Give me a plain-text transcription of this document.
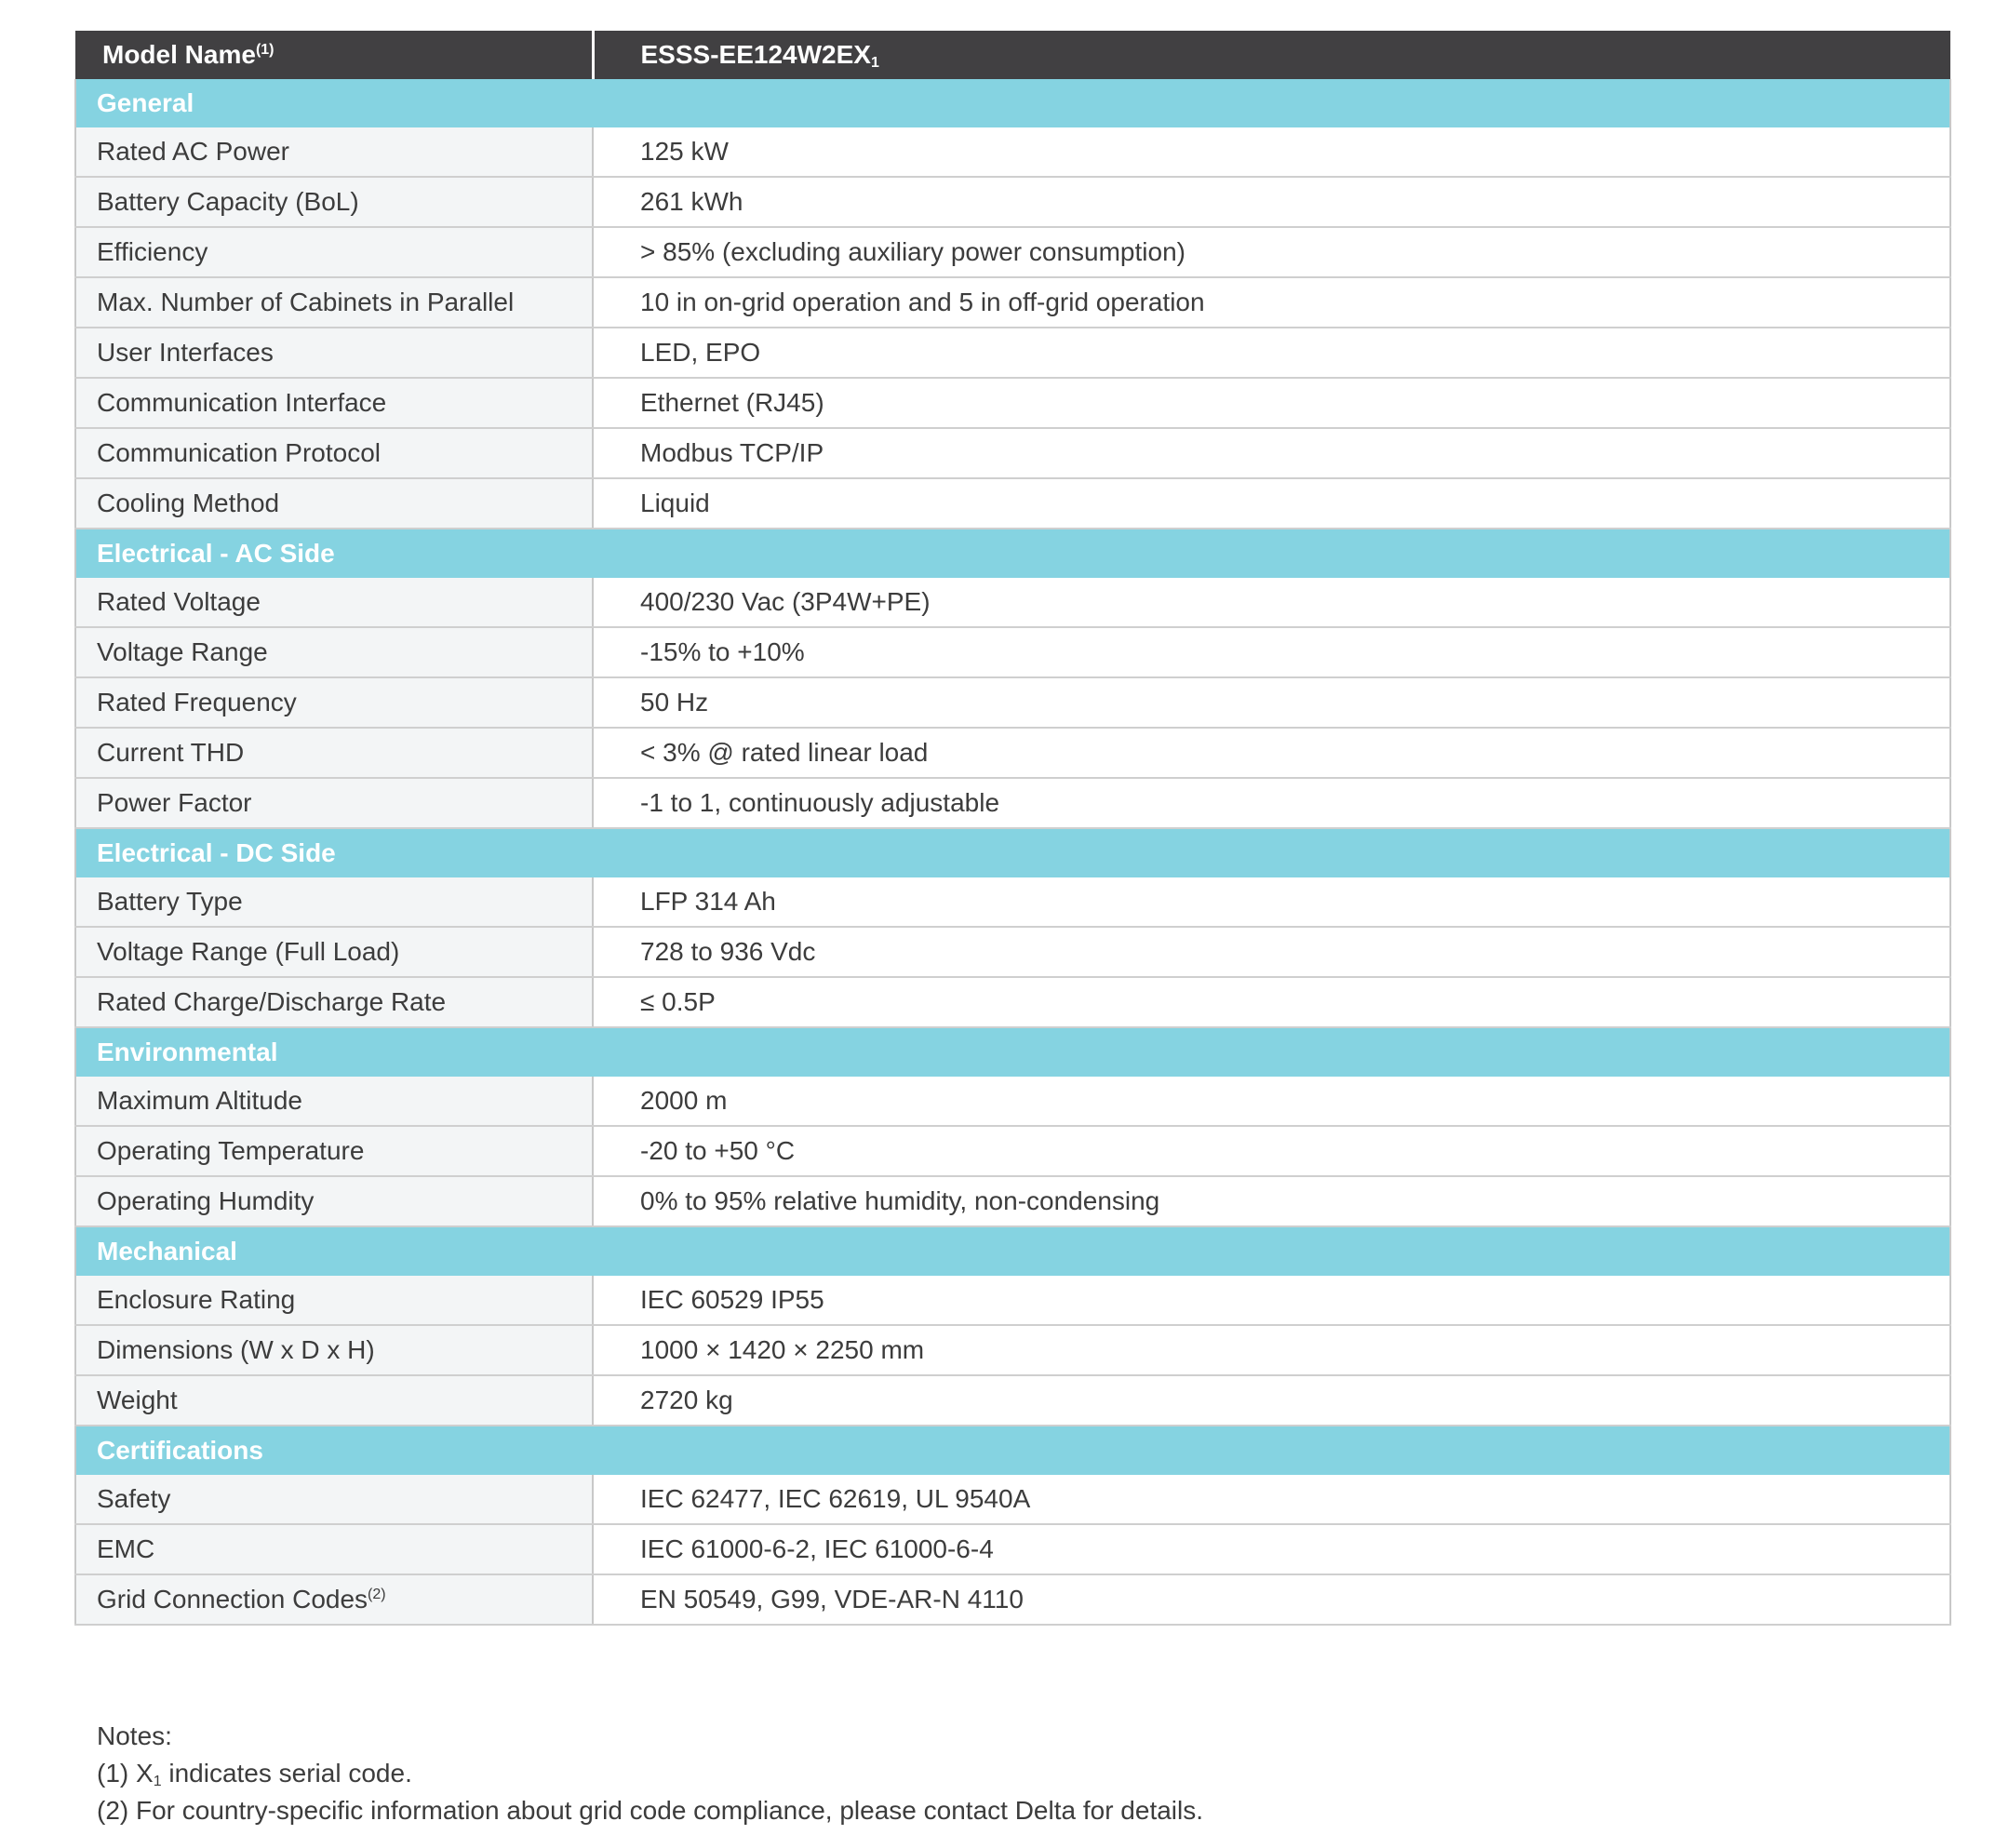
Model Name$^{(1)}$	ESSS-$EE124W2EX_1$
General	
Rated AC Power	125 kW
Battery Capacity (BoL)	261 kWh
Efficiency	> 85% (excluding auxiliary power consumption)
Max. Number of Cabinets in Parallel	10 in on-grid operation and 5 in off-grid operation
User Interfaces	LED, EPO
Communication Interface	Ethernet (RJ45)
Communication Protocol	Modbus TCP/IP
Cooling Method	Liquid
Electrical - AC Side	
Rated Voltage	400/230 Vac (3P4W+PE)
Voltage Range	-15% to +10%
Rated Frequency	50 Hz
Current THD	< 3% @ rated linear load
Power Factor	-1 to 1, continuously adjustable
Electrical - DC Side	
Battery Type	LFP 314 Ah
Voltage Range (Full Load)	728 to 936 Vdc
Rated Charge/Discharge Rate	≤ 0.5P
Environmental	
Maximum Altitude	2000 m
Operating Temperature	-20 to +50 °C
Operating Humdity	0% to 95% relative humidity, non-condensing
Mechanical	
Enclosure Rating	IEC 60529 IP55
Dimensions (W x D x H)	1000 × 1420 × 2250 mm
Weight	2720 kg
Certifications	
Safety	IEC 62477, IEC 62619, UL 9540A
EMC	IEC 61000-6-2, IEC 61000-6-4
Grid Connection Codes$^{(2)}$	EN 50549, G99, VDE-AR-N 4110
Notes:
(1) $X_1$ indicates serial code.
(2) For country-specific information about grid code compliance, please contact Delta for details.
